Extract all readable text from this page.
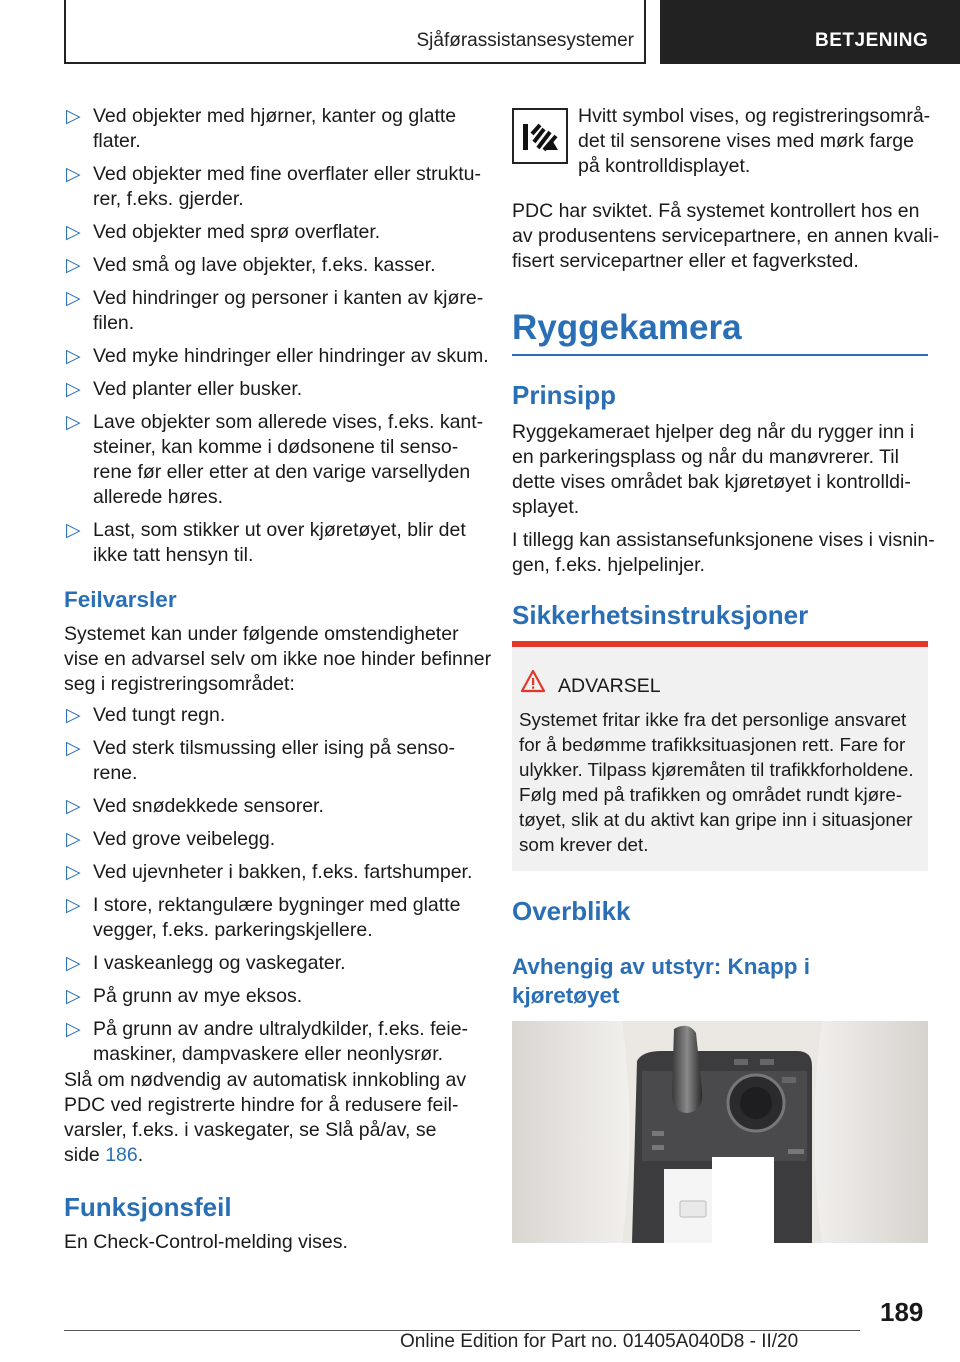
Sjåførassistansesystemer	BETJENING
▷ Ved objekter med hjørner, kanter og glatte
flater.
▷ Ved objekter med fine overflater eller struktu-
rer, f.eks. gjerder.
▷ Ved objekter med sprø overflater.
▷ Ved små og lave objekter, f.eks. kasser.
▷ Ved hindringer og personer i kanten av kjøre-
filen.
▷ Ved myke hindringer eller hindringer av skum.
▷ Ved planter eller busker.
▷ Lave objekter som allerede vises, f.eks. kant-
steiner, kan komme i dødsonene til senso-
rene før eller etter at den varige varsellyden
allerede høres.
▷ Last, som stikker ut over kjøretøyet, blir det
ikke tatt hensyn til.
Feilvarsler
Systemet kan under følgende omstendigheter
vise en advarsel selv om ikke noe hinder befinner
seg i registreringsområdet:
▷ Ved tungt regn.
▷ Ved sterk tilsmussing eller ising på senso-
rene.
▷ Ved snødekkede sensorer.
▷ Ved grove veibelegg.
▷ Ved ujevnheter i bakken, f.eks. fartshumper.
▷ I store, rektangulære bygninger med glatte
vegger, f.eks. parkeringskjellere.
▷ I vaskeanlegg og vaskegater.
▷ På grunn av mye eksos.
▷ På grunn av andre ultralydkilder, f.eks. feie-
maskiner, dampvaskere eller neonlysrør.
Slå om nødvendig av automatisk innkobling av
PDC ved registrerte hindre for å redusere feil-
varsler, f.eks. i vaskegater, se Slå på/av, se
side 186.
Funksjonsfeil
En Check-Control-melding vises.
Hvitt symbol vises, og registreringsområ-
det til sensorene vises med mørk farge
på kontrolldisplayet.
PDC har sviktet. Få systemet kontrollert hos en
av produsentens servicepartnere, en annen kvali-
fisert servicepartner eller et fagverksted.
Ryggekamera
Prinsipp
Ryggekameraet hjelper deg når du rygger inn i
en parkeringsplass og når du manøvrerer. Til
dette vises området bak kjøretøyet i kontrolldi-
splayet.
I tillegg kan assistansefunksjonene vises i visnin-
gen, f.eks. hjelpelinjer.
Sikkerhetsinstruksjoner
ADVARSEL
Systemet fritar ikke fra det personlige ansvaret
for å bedømme trafikksituasjonen rett. Fare for
ulykker. Tilpass kjøremåten til trafikkforholdene.
Følg med på trafikken og området rundt kjøre-
tøyet, slik at du aktivt kan gripe inn i situasjoner
som krever det.
Overblikk
Avhengig av utstyr: Knapp i
kjøretøyet
189
Online Edition for Part no. 01405A040D8 - II/20
